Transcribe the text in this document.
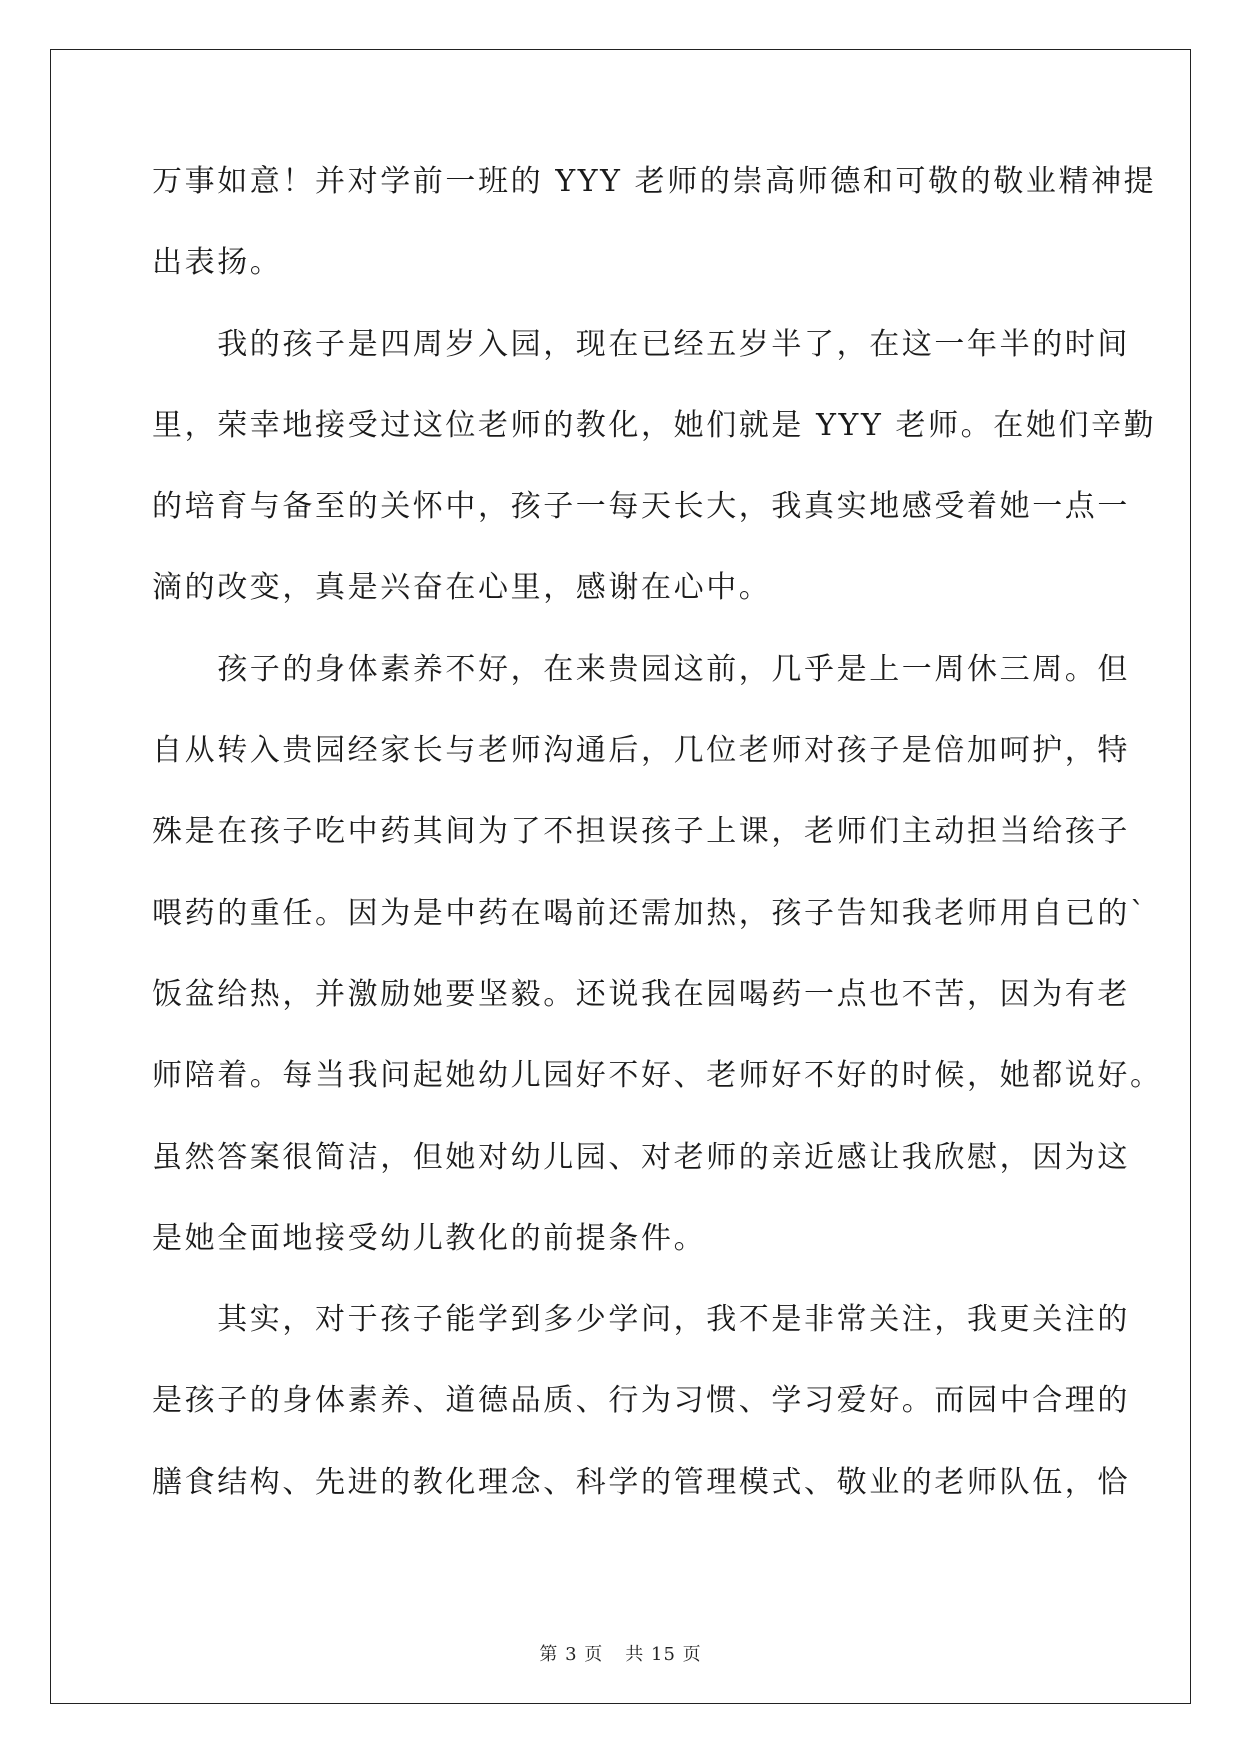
万事如意！并对学前一班的 YYY 老师的崇高师德和可敬的敬业精神提
出表扬。
　　我的孩子是四周岁入园，现在已经五岁半了，在这一年半的时间
里，荣幸地接受过这位老师的教化，她们就是 YYY 老师。在她们辛勤
的培育与备至的关怀中，孩子一每天长大，我真实地感受着她一点一
滴的改变，真是兴奋在心里，感谢在心中。
　　孩子的身体素养不好，在来贵园这前，几乎是上一周休三周。但
自从转入贵园经家长与老师沟通后，几位老师对孩子是倍加呵护，特
殊是在孩子吃中药其间为了不担误孩子上课，老师们主动担当给孩子
喂药的重任。因为是中药在喝前还需加热，孩子告知我老师用自已的`
饭盆给热，并激励她要坚毅。还说我在园喝药一点也不苦，因为有老
师陪着。每当我问起她幼儿园好不好、老师好不好的时候，她都说好。
虽然答案很简洁，但她对幼儿园、对老师的亲近感让我欣慰，因为这
是她全面地接受幼儿教化的前提条件。
　　其实，对于孩子能学到多少学问，我不是非常关注，我更关注的
是孩子的身体素养、道德品质、行为习惯、学习爱好。而园中合理的
膳食结构、先进的教化理念、科学的管理模式、敬业的老师队伍，恰
第 3 页 共 15 页
